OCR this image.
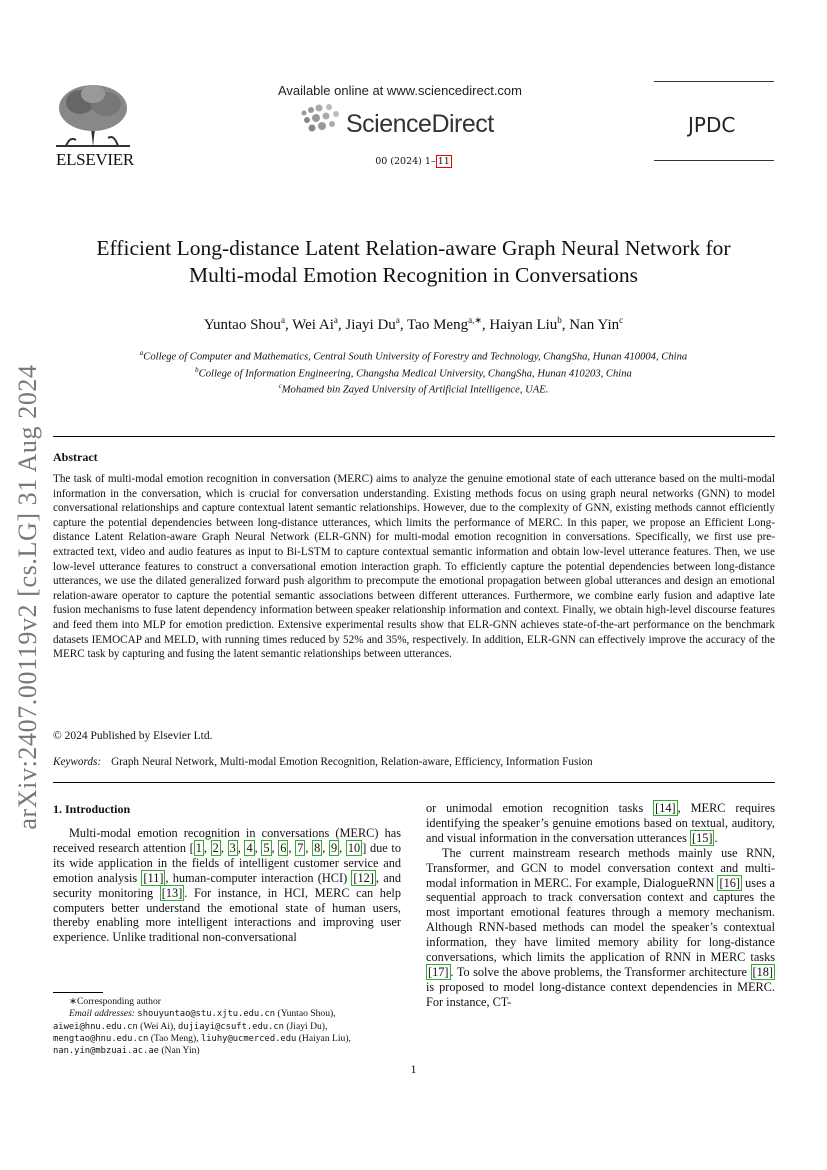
arXiv:2407.00119v2 [cs.LG] 31 Aug 2024
ELSEVIER
Available online at www.sciencedirect.com
ScienceDirect
00 (2024) 1– 11
JPDC
Efficient Long-distance Latent Relation-aware Graph Neural Network for
Multi-modal Emotion Recognition in Conversations
Yuntao Shou$^a$, Wei Ai$^a$, Jiayi Du$^a$, Tao Meng$^{a,∗}$, Haiyan Liu$^b$, Nan Yin$^c$
$^a$College of Computer and Mathematics, Central South University of Forestry and Technology, ChangSha, Hunan 410004, China
$^b$College of Information Engineering, Changsha Medical University, ChangSha, Hunan 410203, China
$^c$Mohamed bin Zayed University of Artificial Intelligence, UAE.
Abstract
The task of multi-modal emotion recognition in conversation (MERC) aims to analyze the genuine emotional state of each utterance based on the multi-modal information in the conversation, which is crucial for conversation understanding. Existing methods focus on using graph neural networks (GNN) to model conversational relationships and capture contextual latent semantic relationships. However, due to the complexity of GNN, existing methods cannot efficiently capture the potential dependencies between long-distance utterances, which limits the performance of MERC. In this paper, we propose an Efficient Long-distance Latent Relation-aware Graph Neural Network (ELR-GNN) for multi-modal emotion recognition in conversations. Specifically, we first use pre-extracted text, video and audio features as input to Bi-LSTM to capture contextual semantic information and obtain low-level utterance features. Then, we use low-level utterance features to construct a conversational emotion interaction graph. To efficiently capture the potential dependencies between long-distance utterances, we use the dilated generalized forward push algorithm to precompute the emotional propagation between global utterances and design an emotional relation-aware operator to capture the potential semantic associations between different utterances. Furthermore, we combine early fusion and adaptive late fusion mechanisms to fuse latent dependency information between speaker relationship information and context. Finally, we obtain high-level discourse features and feed them into MLP for emotion prediction. Extensive experimental results show that ELR-GNN achieves state-of-the-art performance on the benchmark datasets IEMOCAP and MELD, with running times reduced by 52% and 35%, respectively. In addition, ELR-GNN can effectively improve the accuracy of the MERC task by capturing and fusing the latent semantic relationships between utterances.
© 2024 Published by Elsevier Ltd.
Keywords: Graph Neural Network, Multi-modal Emotion Recognition, Relation-aware, Efficiency, Information Fusion
1. Introduction

Multi-modal emotion recognition in conversations (MERC) has received research attention [ 1 , 2 , 3 , 4 , 5 , 6 , 7 , 8 , 9 , 10 ] due to its wide application in the fields of intelligent customer service and emotion analysis [11] , human-computer interaction (HCI) [12] , and security monitoring [13] . For instance, in HCI, MERC can help computers better understand the emotional state of human users, thereby enabling more intelligent interactions and improving user experience. Unlike traditional non-conversational

∗Corresponding author
Email addresses: shouyuntao@stu.xjtu.edu.cn (Yuntao Shou), aiwei@hnu.edu.cn (Wei Ai), dujiayi@csuft.edu.cn (Jiayi Du), mengtao@hnu.edu.cn (Tao Meng), liuhy@ucmerced.edu (Haiyan Liu), nan.yin@mbzuai.ac.ae (Nan Yin)

or unimodal emotion recognition tasks [14] , MERC requires identifying the speaker’s genuine emotions based on textual, auditory, and visual information in the conversation utterances [15] .

The current mainstream research methods mainly use RNN, Transformer, and GCN to model conversation context and multi-modal information in MERC. For example, DialogueRNN [16] uses a sequential approach to track conversation context and captures the most important emotional features through a memory mechanism. Although RNN-based methods can model the speaker’s contextual information, they have limited memory ability for long-distance conversations, which limits the application of RNN in MERC tasks [17] . To solve the above problems, the Transformer architecture [18] is proposed to model long-distance context dependencies in MERC. For instance, CT-

1
